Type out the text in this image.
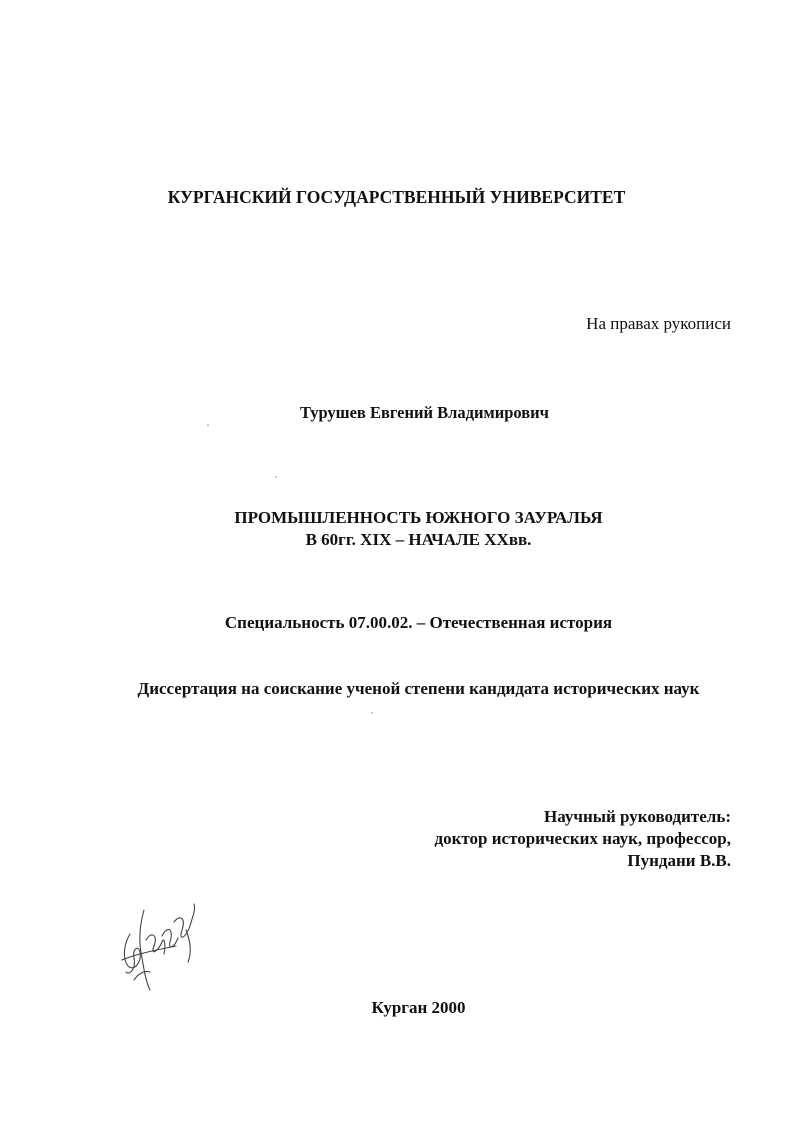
КУРГАНСКИЙ ГОСУДАРСТВЕННЫЙ УНИВЕРСИТЕТ
На правах рукописи
Турушев Евгений Владимирович
ПРОМЫШЛЕННОСТЬ ЮЖНОГО ЗАУРАЛЬЯ
В 60гг. XIX – НАЧАЛЕ XXвв.
Специальность 07.00.02. – Отечественная история
Диссертация на соискание ученой степени кандидата исторических наук
Научный руководитель:
доктор исторических наук, профессор,
Пундани В.В.
Курган 2000
